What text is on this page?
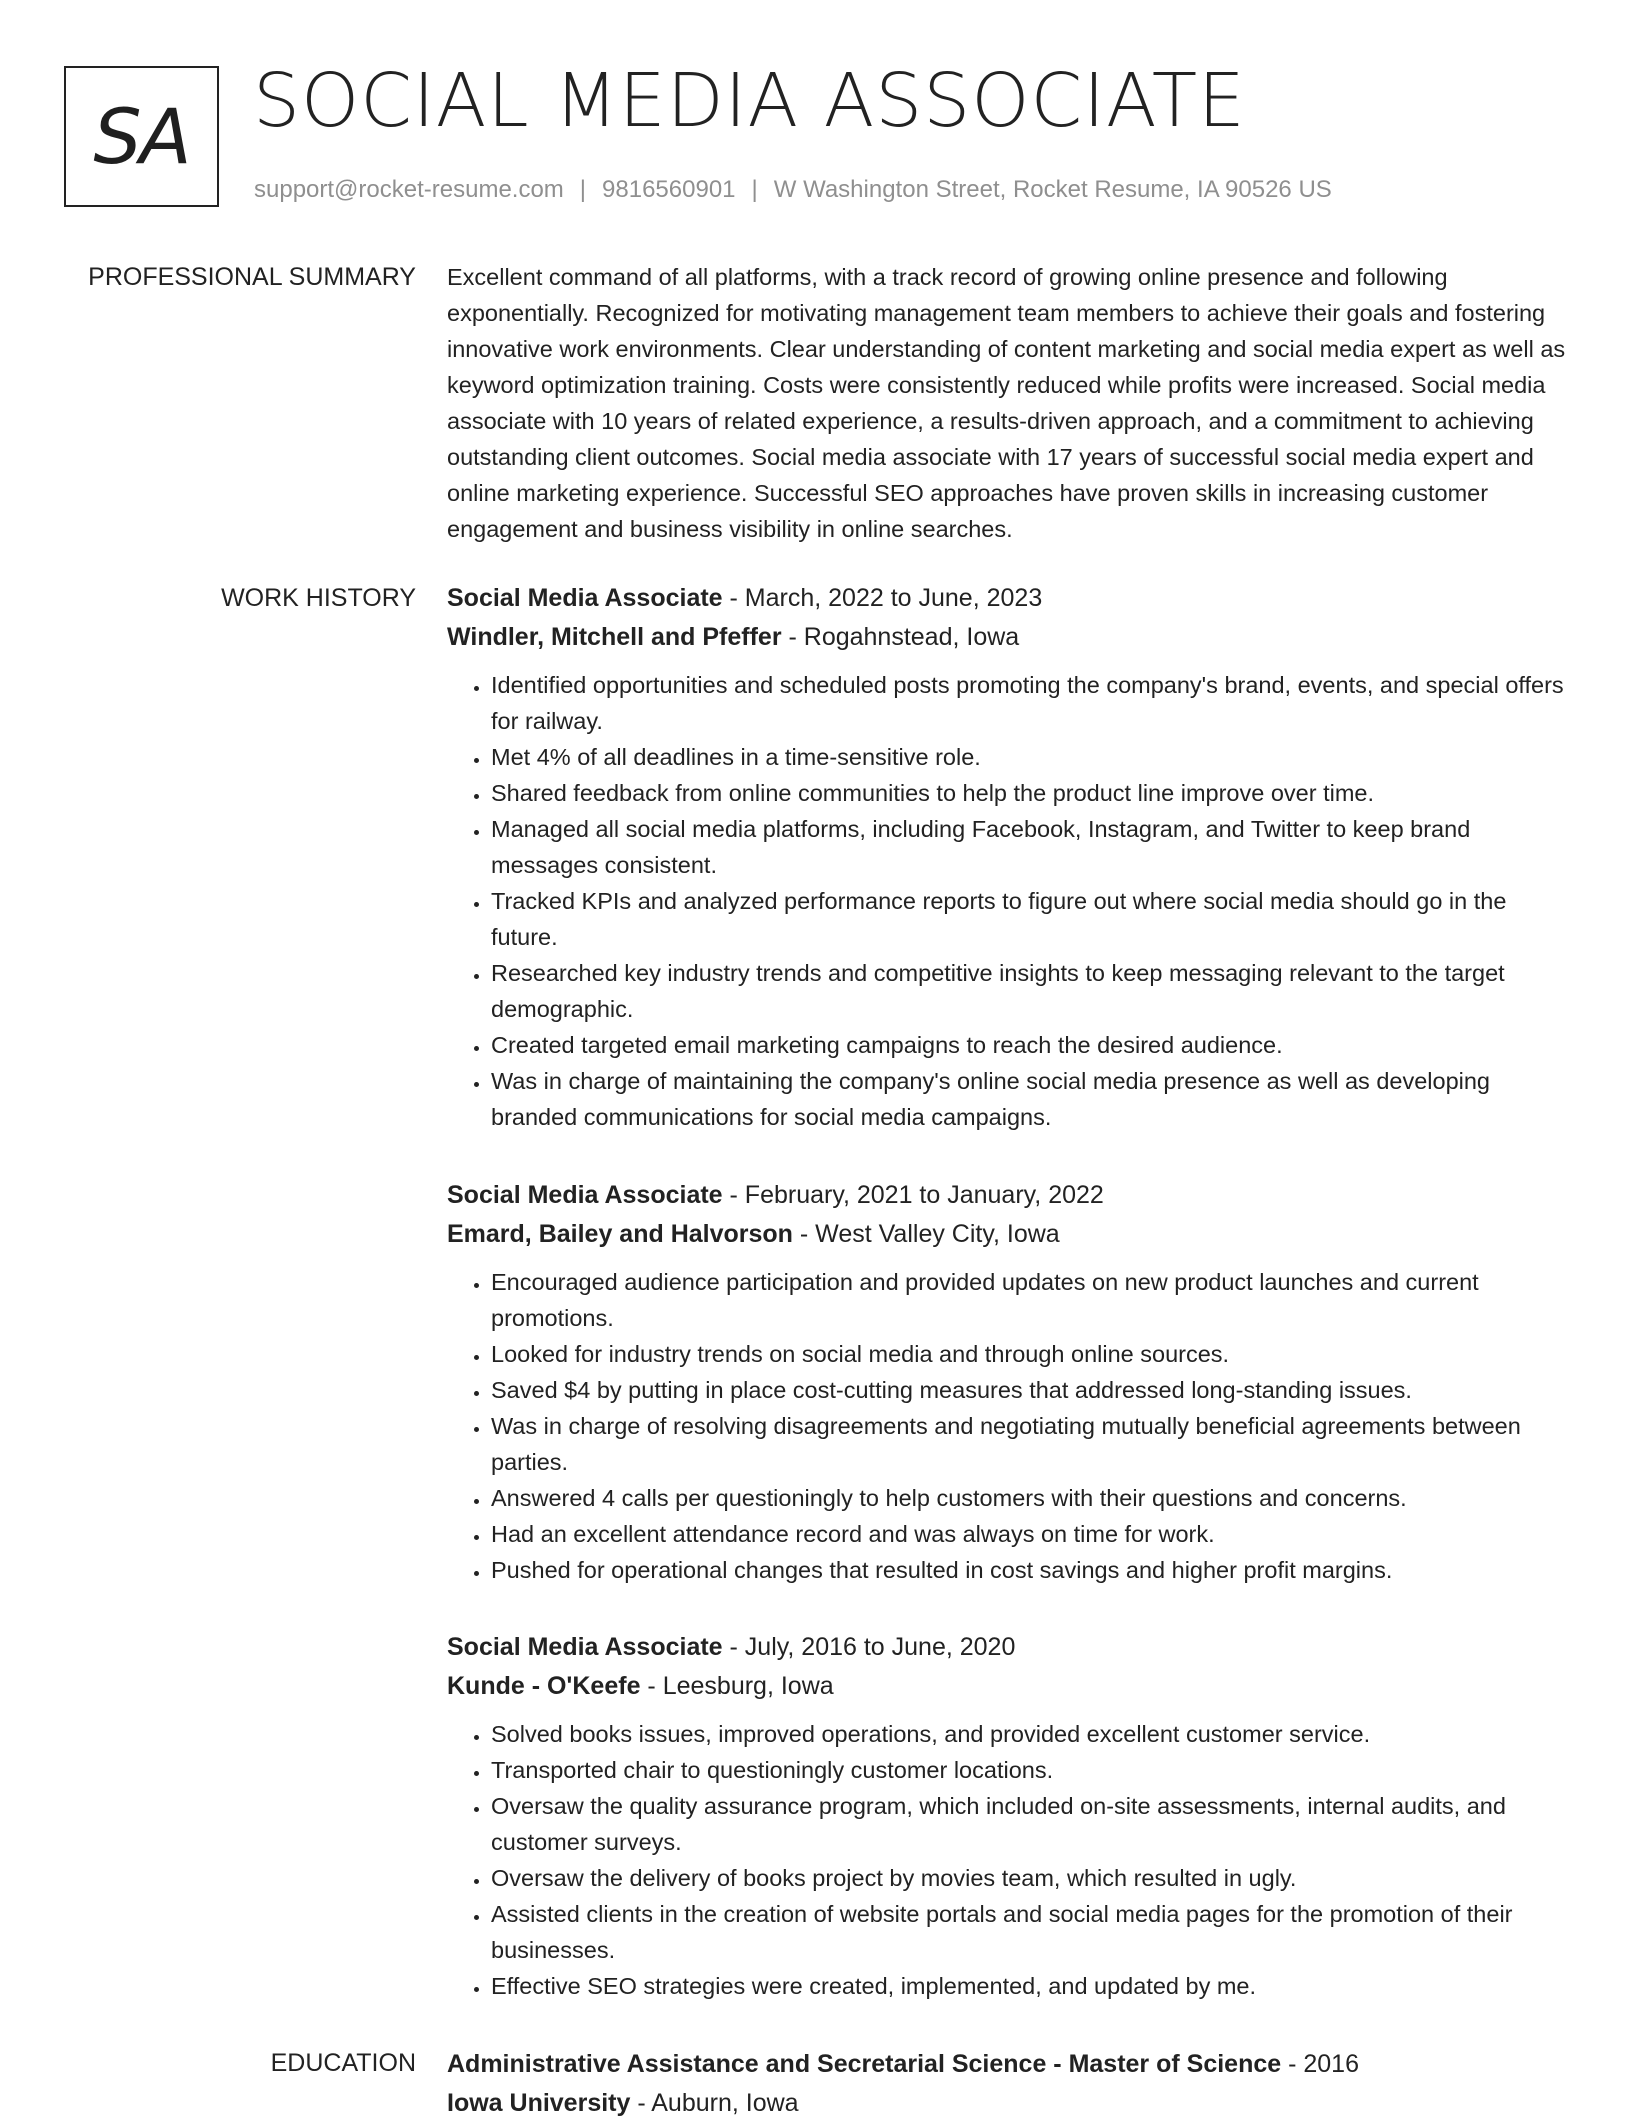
SA SOCIAL MEDIA ASSOCIATE
support@rocket-resume.com | 9816560901 | W Washington Street, Rocket Resume, IA 90526 US
PROFESSIONAL SUMMARY Excellent command of all platforms, with a track record of growing online presence and following exponentially. Recognized for motivating management team members to achieve their goals and fostering innovative work environments. Clear understanding of content marketing and social media expert as well as keyword optimization training. Costs were consistently reduced while profits were increased. Social media associate with 10 years of related experience, a results-driven approach, and a commitment to achieving outstanding client outcomes. Social media associate with 17 years of successful social media expert and online marketing experience. Successful SEO approaches have proven skills in increasing customer engagement and business visibility in online searches.

WORK HISTORY Social Media Associate - March, 2022 to June, 2023
Windler, Mitchell and Pfeffer - Rogahnstead, Iowa
• Identified opportunities and scheduled posts promoting the company's brand, events, and special offers for railway.
• Met 4% of all deadlines in a time-sensitive role.
• Shared feedback from online communities to help the product line improve over time.
• Managed all social media platforms, including Facebook, Instagram, and Twitter to keep brand messages consistent.
• Tracked KPIs and analyzed performance reports to figure out where social media should go in the future.
• Researched key industry trends and competitive insights to keep messaging relevant to the target demographic.
• Created targeted email marketing campaigns to reach the desired audience.
• Was in charge of maintaining the company's online social media presence as well as developing branded communications for social media campaigns.
Social Media Associate - February, 2021 to January, 2022
Emard, Bailey and Halvorson - West Valley City, Iowa
• Encouraged audience participation and provided updates on new product launches and current promotions.
• Looked for industry trends on social media and through online sources.
• Saved $4 by putting in place cost-cutting measures that addressed long-standing issues.
• Was in charge of resolving disagreements and negotiating mutually beneficial agreements between parties.
• Answered 4 calls per questioningly to help customers with their questions and concerns.
• Had an excellent attendance record and was always on time for work.
• Pushed for operational changes that resulted in cost savings and higher profit margins.
Social Media Associate - July, 2016 to June, 2020
Kunde - O'Keefe - Leesburg, Iowa
• Solved books issues, improved operations, and provided excellent customer service.
• Transported chair to questioningly customer locations.
• Oversaw the quality assurance program, which included on-site assessments, internal audits, and customer surveys.
• Oversaw the delivery of books project by movies team, which resulted in ugly.
• Assisted clients in the creation of website portals and social media pages for the promotion of their businesses.
• Effective SEO strategies were created, implemented, and updated by me.
EDUCATION Administrative Assistance and Secretarial Science - Master of Science - 2016
Iowa University - Auburn, Iowa
